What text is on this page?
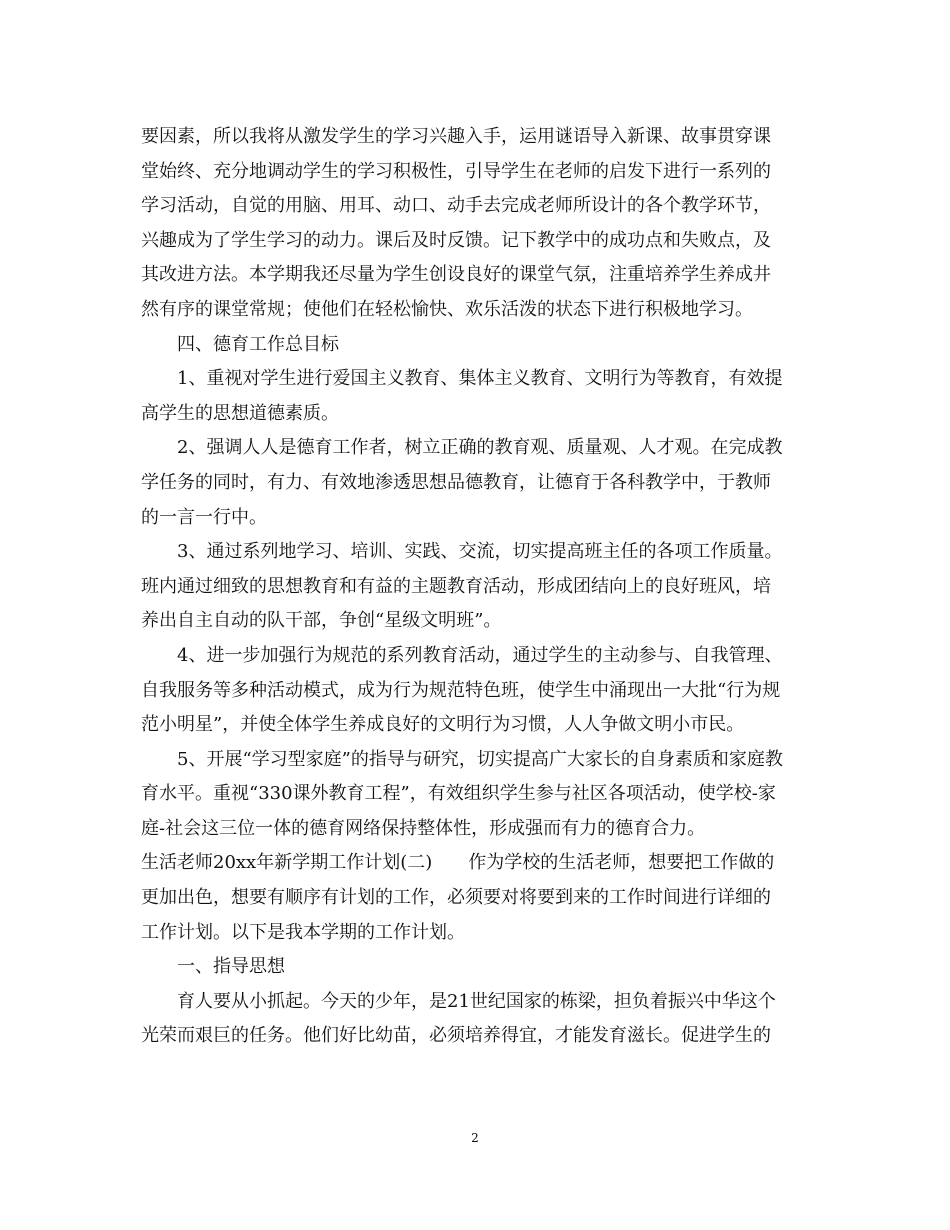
要因素，所以我将从激发学生的学习兴趣入手，运用谜语导入新课、故事贯穿课
堂始终、充分地调动学生的学习积极性，引导学生在老师的启发下进行一系列的
学习活动，自觉的用脑、用耳、动口、动手去完成老师所设计的各个教学环节，
兴趣成为了学生学习的动力。课后及时反馈。记下教学中的成功点和失败点，及
其改进方法。本学期我还尽量为学生创设良好的课堂气氛，注重培养学生养成井
然有序的课堂常规；使他们在轻松愉快、欢乐活泼的状态下进行积极地学习。
四、德育工作总目标
1、重视对学生进行爱国主义教育、集体主义教育、文明行为等教育，有效提
高学生的思想道德素质。
2、强调人人是德育工作者，树立正确的教育观、质量观、人才观。在完成教
学任务的同时，有力、有效地渗透思想品德教育，让德育于各科教学中，于教师
的一言一行中。
3、通过系列地学习、培训、实践、交流，切实提高班主任的各项工作质量。
班内通过细致的思想教育和有益的主题教育活动，形成团结向上的良好班风，培
养出自主自动的队干部，争创“星级文明班”。
4、进一步加强行为规范的系列教育活动，通过学生的主动参与、自我管理、
自我服务等多种活动模式，成为行为规范特色班，使学生中涌现出一大批“行为规
范小明星”，并使全体学生养成良好的文明行为习惯，人人争做文明小市民。
5、开展“学习型家庭”的指导与研究，切实提高广大家长的自身素质和家庭教
育水平。重视“330课外教育工程”，有效组织学生参与社区各项活动，使学校-家
庭-社会这三位一体的德育网络保持整体性，形成强而有力的德育合力。
生活老师20xx年新学期工作计划(二)　　作为学校的生活老师，想要把工作做的
更加出色，想要有顺序有计划的工作，必须要对将要到来的工作时间进行详细的
工作计划。以下是我本学期的工作计划。
一、指导思想
育人要从小抓起。今天的少年，是21世纪国家的栋梁，担负着振兴中华这个
光荣而艰巨的任务。他们好比幼苗，必须培养得宜，才能发育滋长。促进学生的
2
